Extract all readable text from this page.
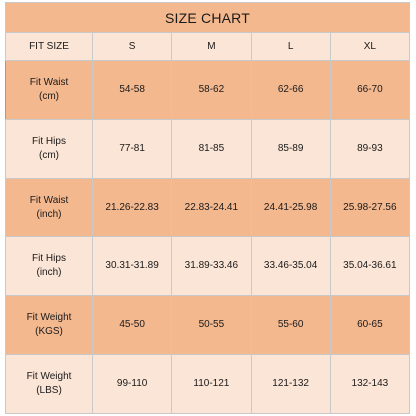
SIZE CHART				
FIT SIZE	S	M	L	XL

Fit Waist
(cm)	54-58	58-62	62-66	66-70

Fit Hips
(cm)	77-81	81-85	85-89	89-93

Fit Waist
(inch)	21.26-22.83	22.83-24.41	24.41-25.98	25.98-27.56

Fit Hips
(inch)	30.31-31.89	31.89-33.46	33.46-35.04	35.04-36.61

Fit Weight
(KGS)	45-50	50-55	55-60	60-65

Fit Weight
(LBS)	99-110	110-121	121-132	132-143
